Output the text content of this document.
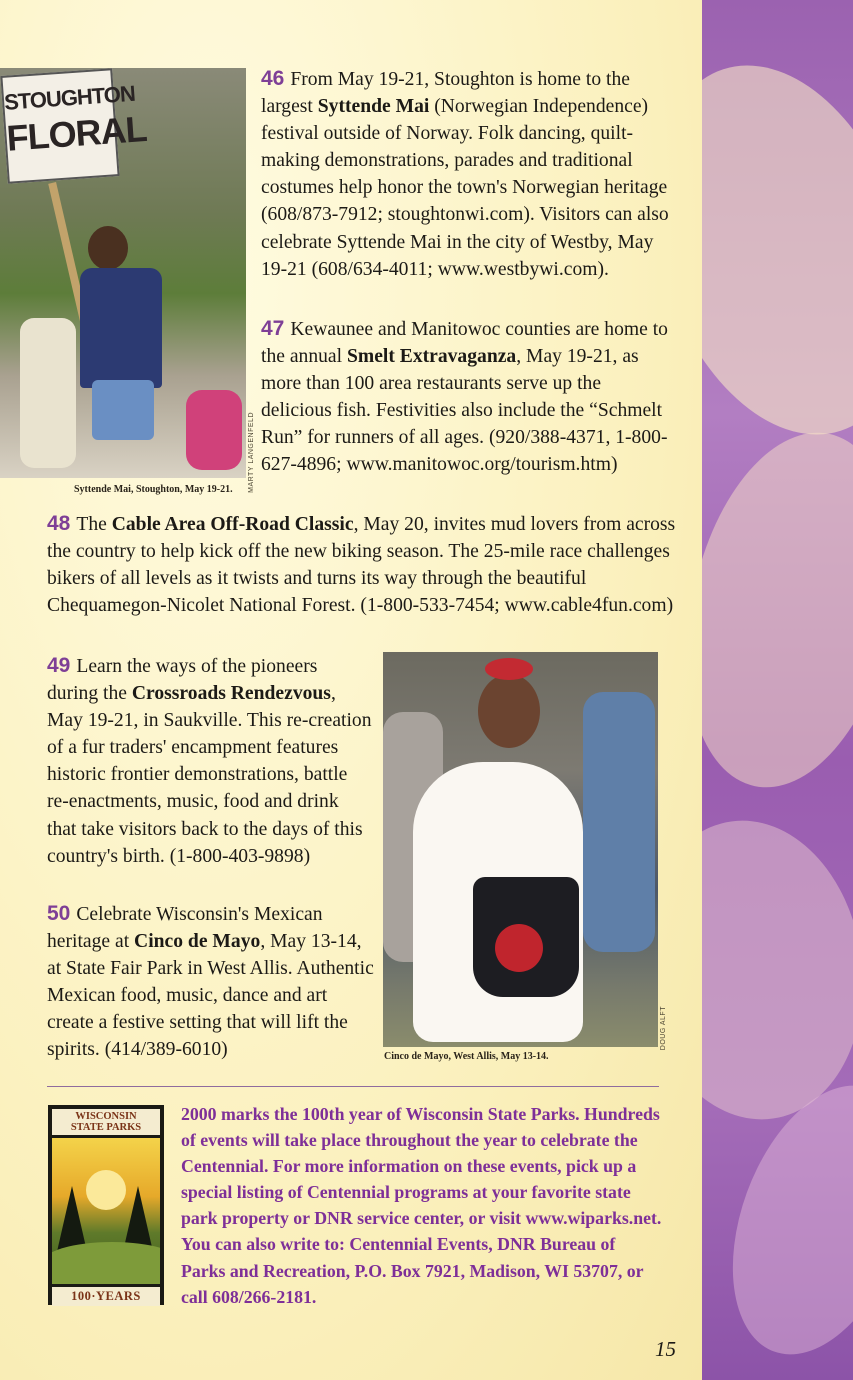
STOUGHTON
FLORAL
MARTY LANGENFELD
Syttende Mai, Stoughton, May 19-21.

46 From May 19-21, Stoughton is home to the largest Syttende Mai (Norwegian Independence) festival outside of Norway. Folk dancing, quilt-making demonstrations, parades and traditional costumes help honor the town's Norwegian heritage (608/873-7912; stoughtonwi.com). Visitors can also celebrate Syttende Mai in the city of Westby, May 19-21 (608/634-4011; www.westbywi.com).

47 Kewaunee and Manitowoc counties are home to the annual Smelt Extravaganza, May 19-21, as more than 100 area restaurants serve up the delicious fish. Festivities also include the “Schmelt Run” for runners of all ages. (920/388-4371, 1-800-627-4896; www.manitowoc.org/tourism.htm)

48 The Cable Area Off-Road Classic, May 20, invites mud lovers from across the country to help kick off the new biking season. The 25-mile race challenges bikers of all levels as it twists and turns its way through the beautiful Chequamegon-Nicolet National Forest. (1-800-533-7454; www.cable4fun.com)

49 Learn the ways of the pioneers during the Crossroads Rendezvous, May 19-21, in Saukville. This re-creation of a fur traders' encampment features historic frontier demonstrations, battle re-enactments, music, food and drink that take visitors back to the days of this country's birth. (1-800-403-9898)

50 Celebrate Wisconsin's Mexican heritage at Cinco de Mayo, May 13-14, at State Fair Park in West Allis. Authentic Mexican food, music, dance and art create a festive setting that will lift the spirits. (414/389-6010)	DOUG ALFT
Cinco de Mayo, West Allis, May 13-14.
WISCONSIN
STATE PARKS
100·YEARS

2000 marks the 100th year of Wisconsin State Parks. Hundreds of events will take place throughout the year to celebrate the Centennial. For more information on these events, pick up a special listing of Centennial programs at your favorite state park property or DNR service center, or visit www.wiparks.net. You can also write to: Centennial Events, DNR Bureau of Parks and Recreation, P.O. Box 7921, Madison, WI 53707, or call 608/266-2181.

15
